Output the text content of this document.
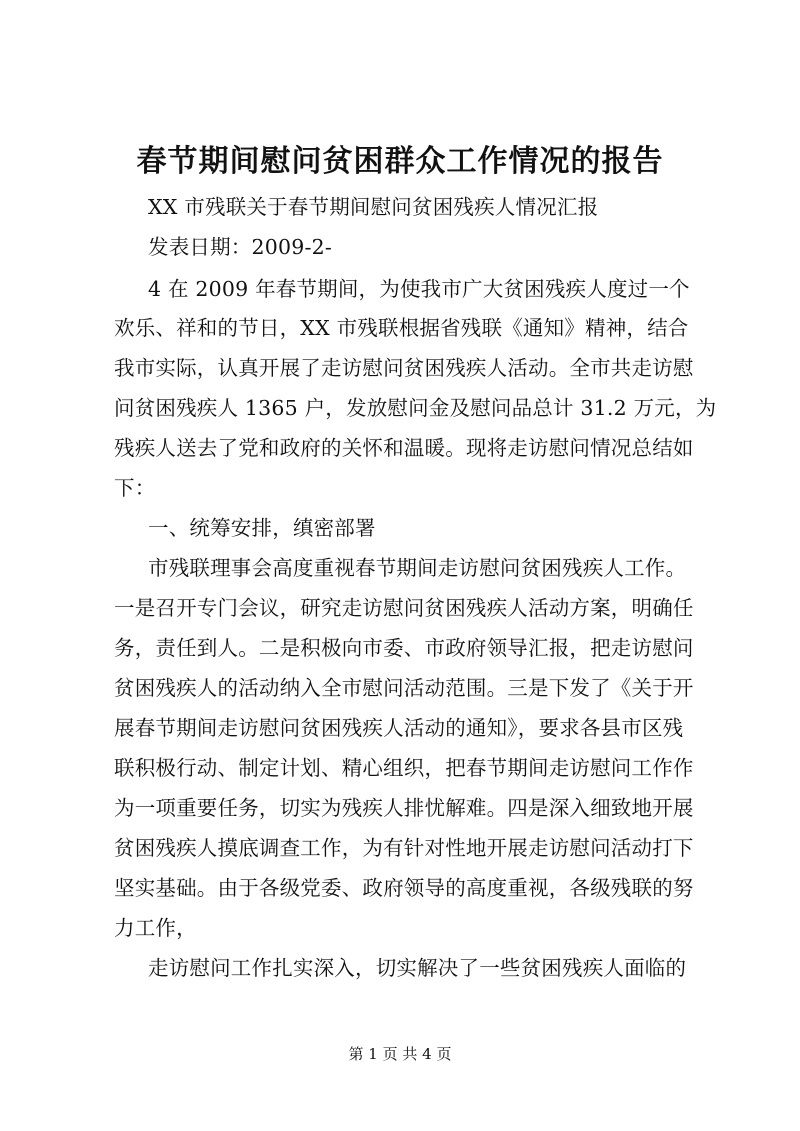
春节期间慰问贫困群众工作情况的报告
XX 市残联关于春节期间慰问贫困残疾人情况汇报
发表日期：2009-2-
4 在 2009 年春节期间，为使我市广大贫困残疾人度过一个
欢乐、祥和的节日，XX 市残联根据省残联《通知》精神，结合
我市实际，认真开展了走访慰问贫困残疾人活动。全市共走访慰
问贫困残疾人 1365 户，发放慰问金及慰问品总计 31.2 万元，为
残疾人送去了党和政府的关怀和温暖。现将走访慰问情况总结如
下：
一、统筹安排，缜密部署
市残联理事会高度重视春节期间走访慰问贫困残疾人工作。
一是召开专门会议，研究走访慰问贫困残疾人活动方案，明确任
务，责任到人。二是积极向市委、市政府领导汇报，把走访慰问
贫困残疾人的活动纳入全市慰问活动范围。三是下发了《关于开
展春节期间走访慰问贫困残疾人活动的通知》，要求各县市区残
联积极行动、制定计划、精心组织，把春节期间走访慰问工作作
为一项重要任务，切实为残疾人排忧解难。四是深入细致地开展
贫困残疾人摸底调查工作，为有针对性地开展走访慰问活动打下
坚实基础。由于各级党委、政府领导的高度重视，各级残联的努
力工作，
走访慰问工作扎实深入，切实解决了一些贫困残疾人面临的
第 1 页 共 4 页
